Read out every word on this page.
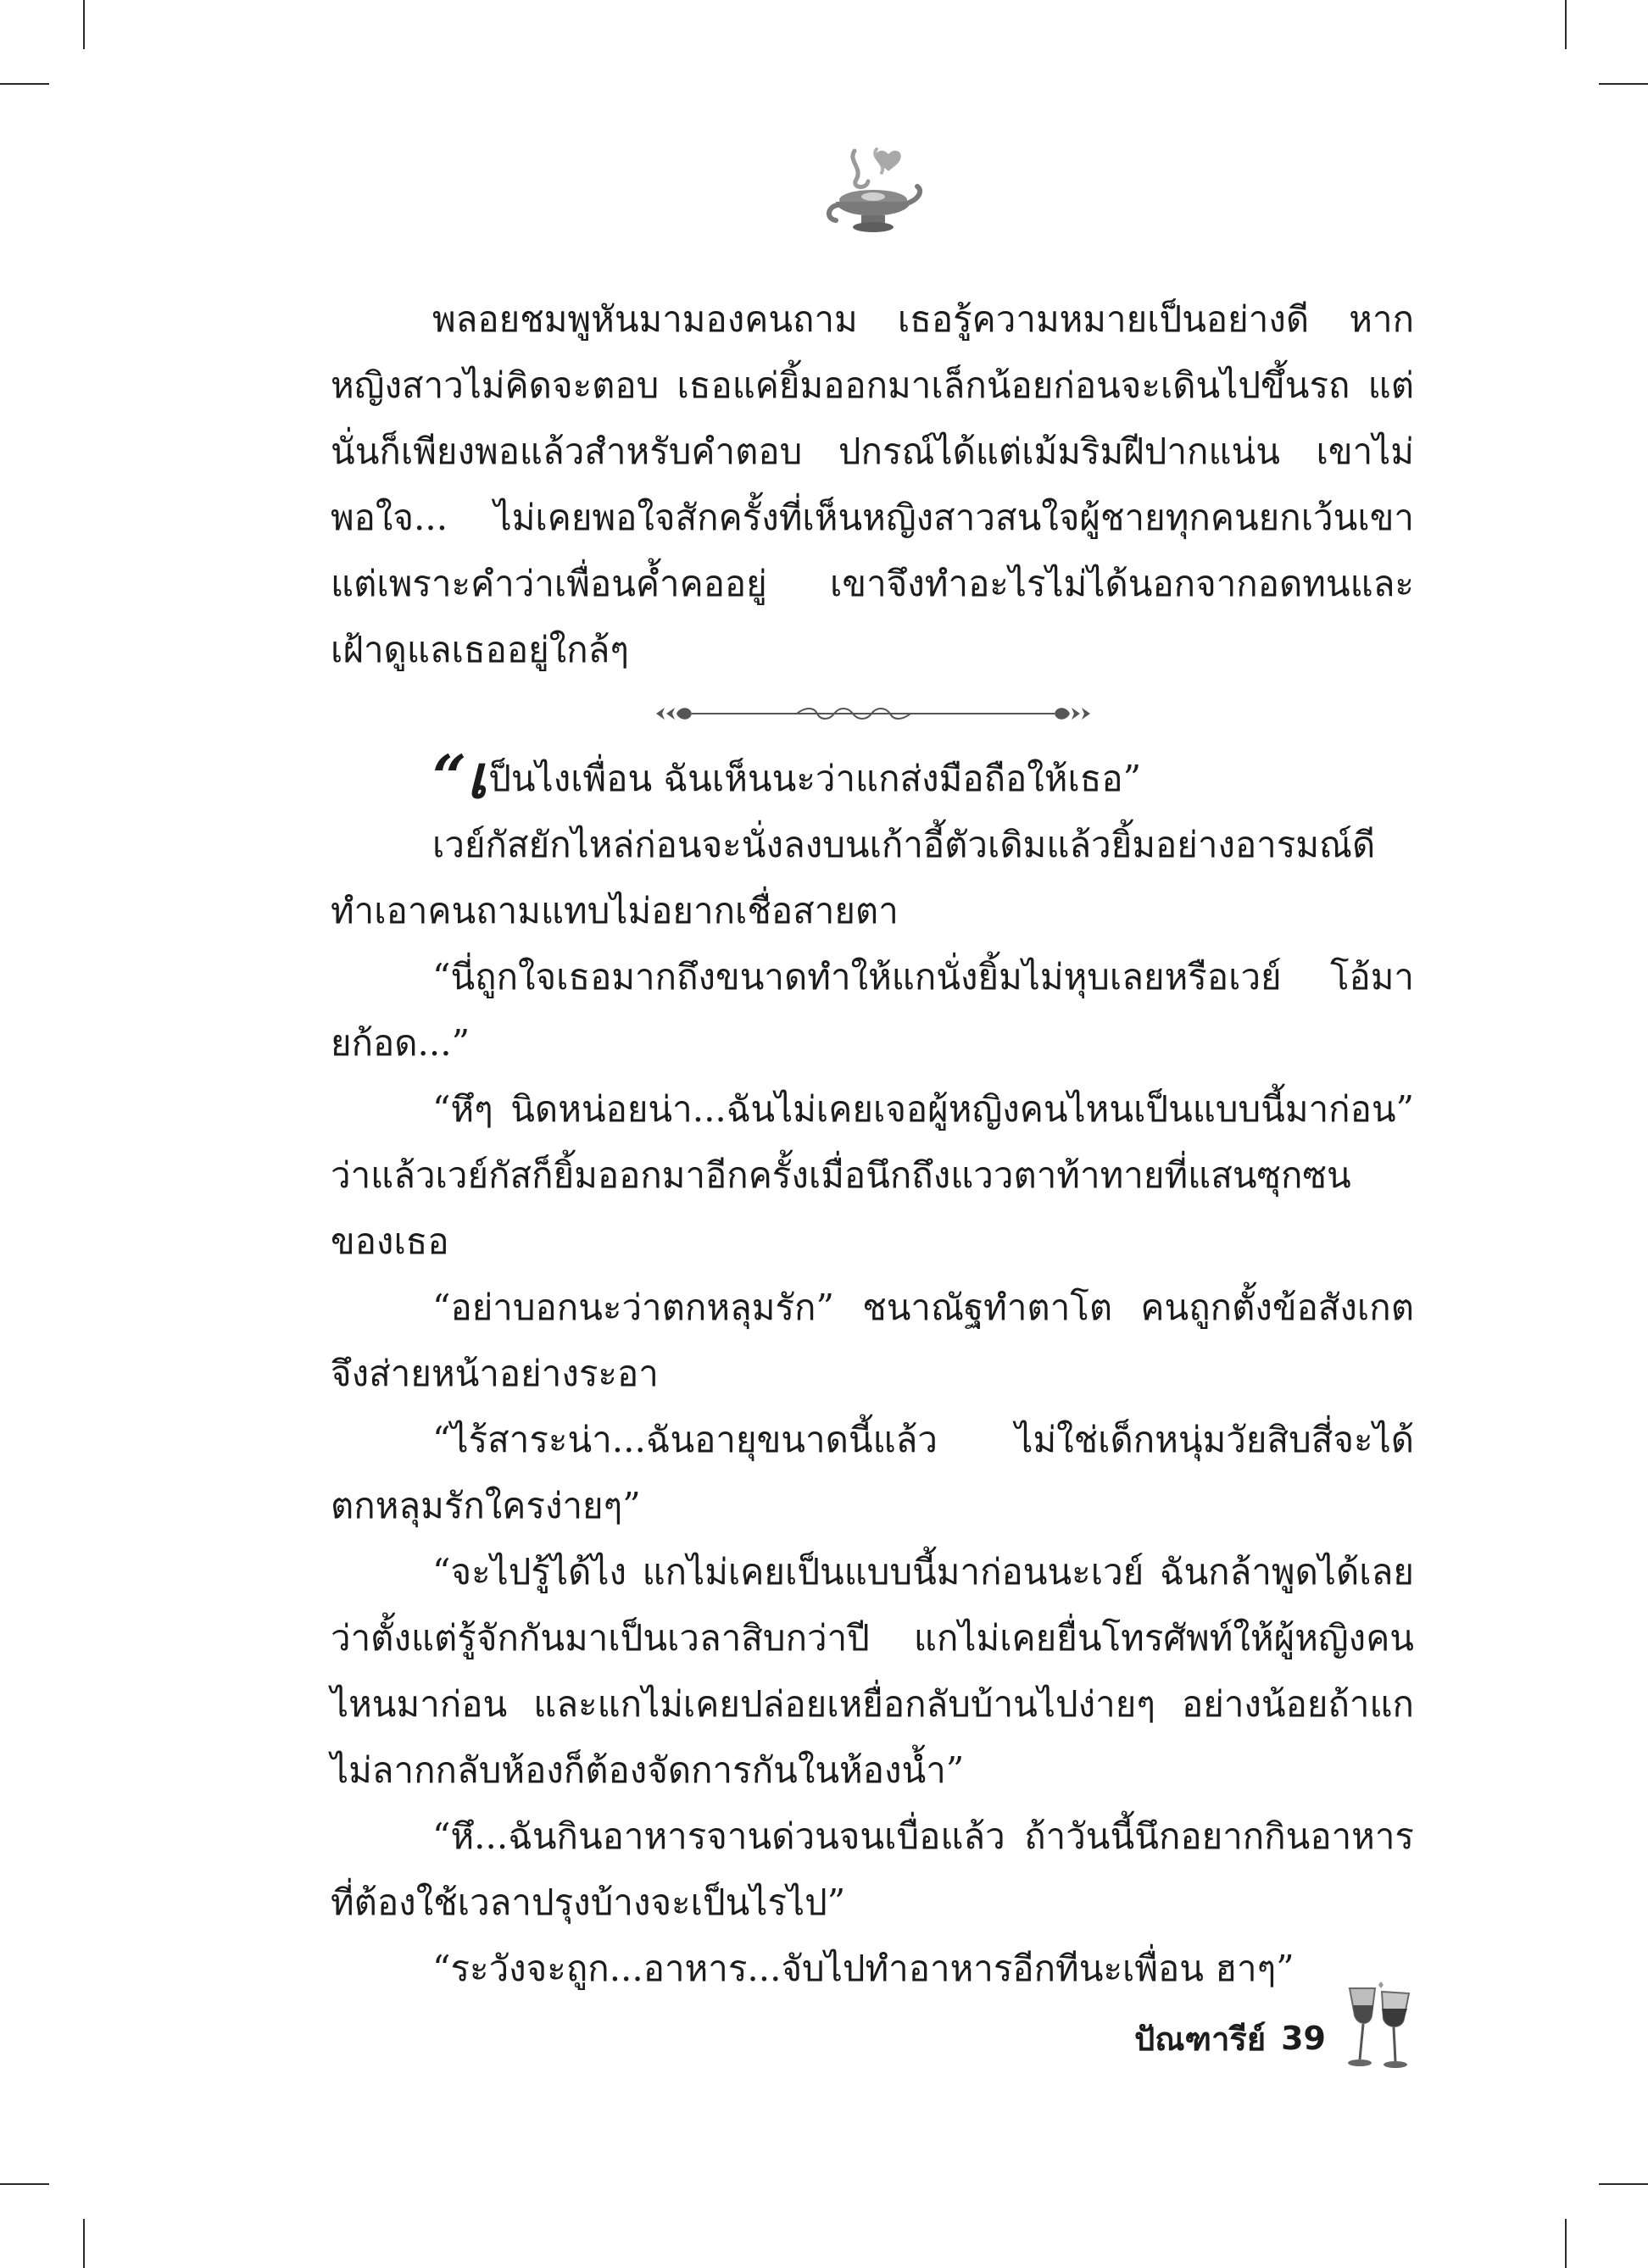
พลอยชมพูหันมามองคนถาม เธอรู้ความหมายเป็นอย่างดี หากหญิงสาวไม่คิดจะตอบ เธอแค่ยิ้มออกมาเล็กน้อยก่อนจะเดินไปขึ้นรถ แต่นั่นก็เพียงพอแล้วสำหรับคำตอบ ปกรณ์ได้แต่เม้มริมฝีปากแน่น เขาไม่พอใจ... ไม่เคยพอใจสักครั้งที่เห็นหญิงสาวสนใจผู้ชายทุกคนยกเว้นเขา แต่เพราะคำว่าเพื่อนค้ำคออยู่ เขาจึงทำอะไรไม่ได้นอกจากอดทนและเฝ้าดูแลเธออยู่ใกล้ๆ

“เป็นไงเพื่อน ฉันเห็นนะว่าแกส่งมือถือให้เธอ”

เวย์กัสยักไหล่ก่อนจะนั่งลงบนเก้าอี้ตัวเดิมแล้วยิ้มอย่างอารมณ์ดี ทำเอาคนถามแทบไม่อยากเชื่อสายตา

“นี่ถูกใจเธอมากถึงขนาดทำให้แกนั่งยิ้มไม่หุบเลยหรือเวย์ โอ้มายก้อด...”

“หึๆ นิดหน่อยน่า...ฉันไม่เคยเจอผู้หญิงคนไหนเป็นแบบนี้มาก่อน” ว่าแล้วเวย์กัสก็ยิ้มออกมาอีกครั้งเมื่อนึกถึงแววตาท้าทายที่แสนซุกซนของเธอ

“อย่าบอกนะว่าตกหลุมรัก” ชนาณัฐทำตาโต คนถูกตั้งข้อสังเกตจึงส่ายหน้าอย่างระอา

“ไร้สาระน่า...ฉันอายุขนาดนี้แล้ว ไม่ใช่เด็กหนุ่มวัยสิบสี่จะได้ตกหลุมรักใครง่ายๆ”

“จะไปรู้ได้ไง แกไม่เคยเป็นแบบนี้มาก่อนนะเวย์ ฉันกล้าพูดได้เลยว่าตั้งแต่รู้จักกันมาเป็นเวลาสิบกว่าปี แกไม่เคยยื่นโทรศัพท์ให้ผู้หญิงคนไหนมาก่อน และแกไม่เคยปล่อยเหยื่อกลับบ้านไปง่ายๆ อย่างน้อยถ้าแกไม่ลากกลับห้องก็ต้องจัดการกันในห้องน้ำ”

“หึ...ฉันกินอาหารจานด่วนจนเบื่อแล้ว ถ้าวันนี้นึกอยากกินอาหารที่ต้องใช้เวลาปรุงบ้างจะเป็นไรไป”

“ระวังจะถูก...อาหาร...จับไปทำอาหารอีกทีนะเพื่อน ฮาๆ”

ปัณฑารีย์ 39
